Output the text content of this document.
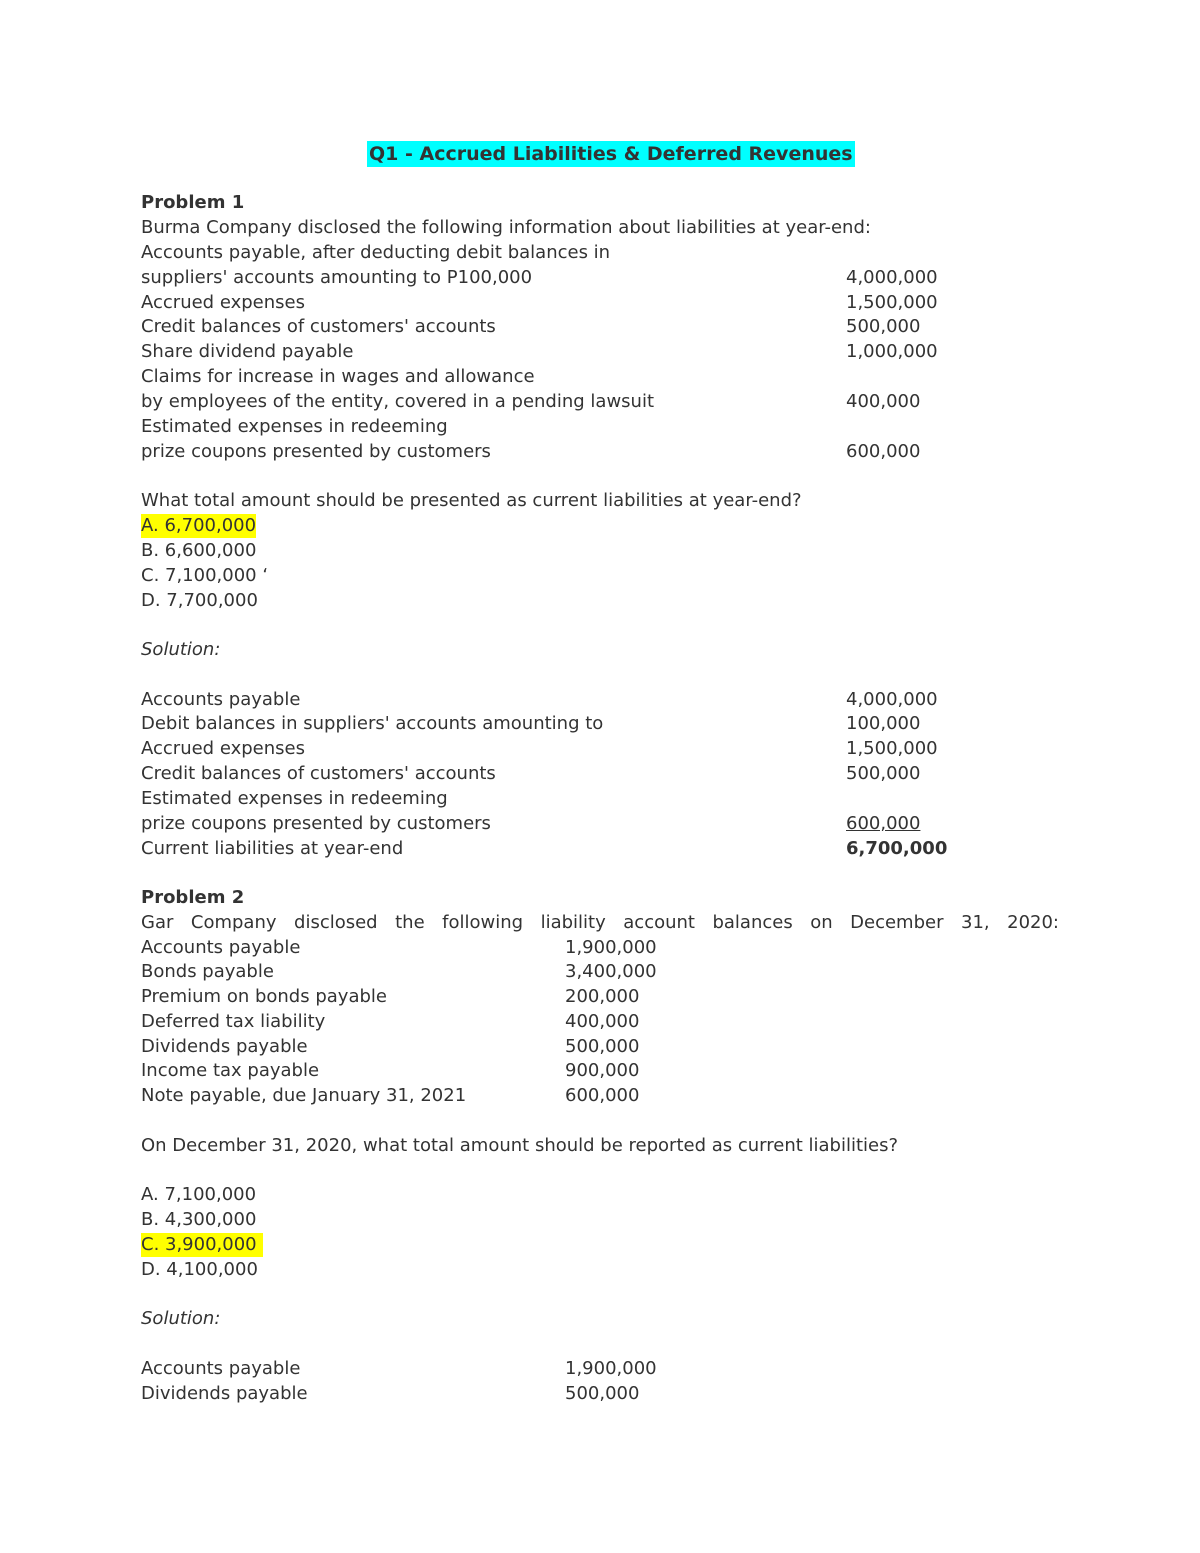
Q1 - Accrued Liabilities & Deferred Revenues
Problem 1
Burma Company disclosed the following information about liabilities at year-end:
Accounts payable, after deducting debit balances in
suppliers' accounts amounting to P100,000	4,000,000
Accrued expenses	1,500,000
Credit balances of customers' accounts	500,000
Share dividend payable	1,000,000
Claims for increase in wages and allowance
by employees of the entity, covered in a pending lawsuit	400,000
Estimated expenses in redeeming
prize coupons presented by customers	600,000
What total amount should be presented as current liabilities at year-end?
A. 6,700,000
B. 6,600,000
C. 7,100,000 ‘
D. 7,700,000
Solution:
Accounts payable	4,000,000
Debit balances in suppliers' accounts amounting to	100,000
Accrued expenses	1,500,000
Credit balances of customers' accounts	500,000
Estimated expenses in redeeming
prize coupons presented by customers	600,000
Current liabilities at year-end	6,700,000
Problem 2
Gar Company disclosed the following liability account balances on December 31, 2020:
Accounts payable	1,900,000
Bonds payable	3,400,000
Premium on bonds payable	200,000
Deferred tax liability	400,000
Dividends payable	500,000
Income tax payable	900,000
Note payable, due January 31, 2021	600,000
On December 31, 2020, what total amount should be reported as current liabilities?
A. 7,100,000
B. 4,300,000
C. 3,900,000
D. 4,100,000
Solution:
Accounts payable	1,900,000
Dividends payable	500,000
